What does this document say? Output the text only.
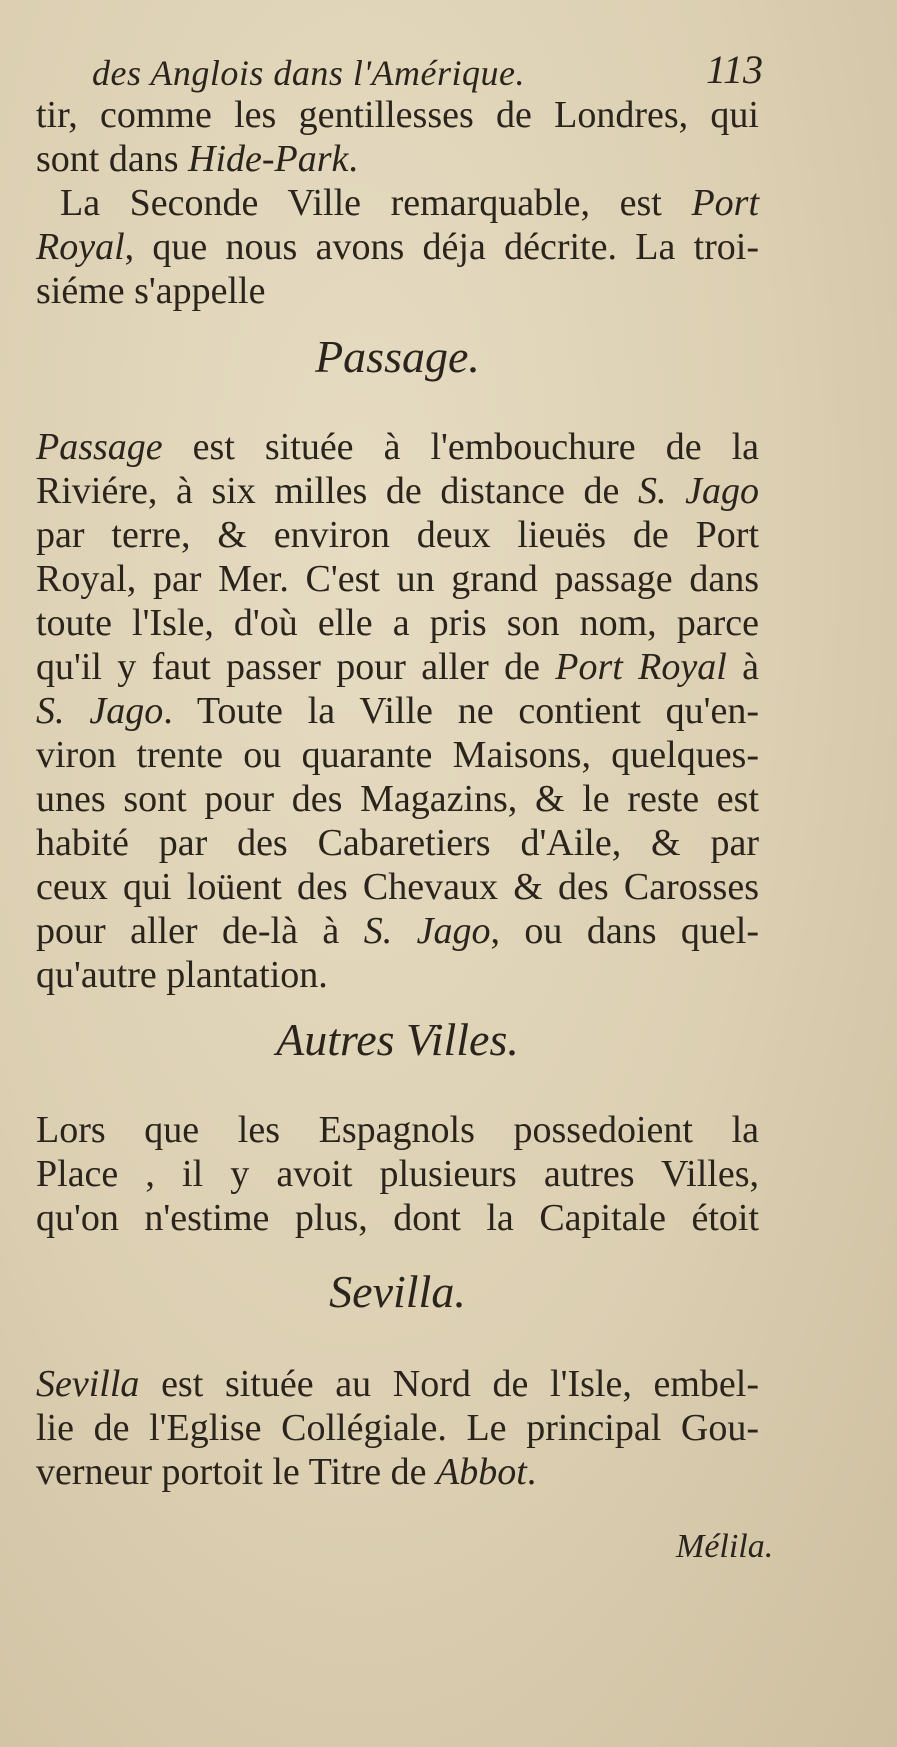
des Anglois dans l'Amérique.	113
tir, comme les gentillesses de Londres, qui
sont dans Hide-Park.
La Seconde Ville remarquable, est Port
Royal, que nous avons déja décrite. La troi-
siéme s'appelle
Passage.
Passage est située à l'embouchure de la
Riviére, à six milles de distance de S. Jago
par terre, & environ deux lieuës de Port
Royal, par Mer. C'est un grand passage dans
toute l'Isle, d'où elle a pris son nom, parce
qu'il y faut passer pour aller de Port Royal à
S. Jago. Toute la Ville ne contient qu'en-
viron trente ou quarante Maisons, quelques-
unes sont pour des Magazins, & le reste est
habité par des Cabaretiers d'Aile, & par
ceux qui loüent des Chevaux & des Carosses
pour aller de-là à S. Jago, ou dans quel-
qu'autre plantation.
Autres Villes.
Lors que les Espagnols possedoient la
Place , il y avoit plusieurs autres Villes,
qu'on n'estime plus, dont la Capitale étoit
Sevilla.
Sevilla est située au Nord de l'Isle, embel-
lie de l'Eglise Collégiale. Le principal Gou-
verneur portoit le Titre de Abbot.
Mélila.
